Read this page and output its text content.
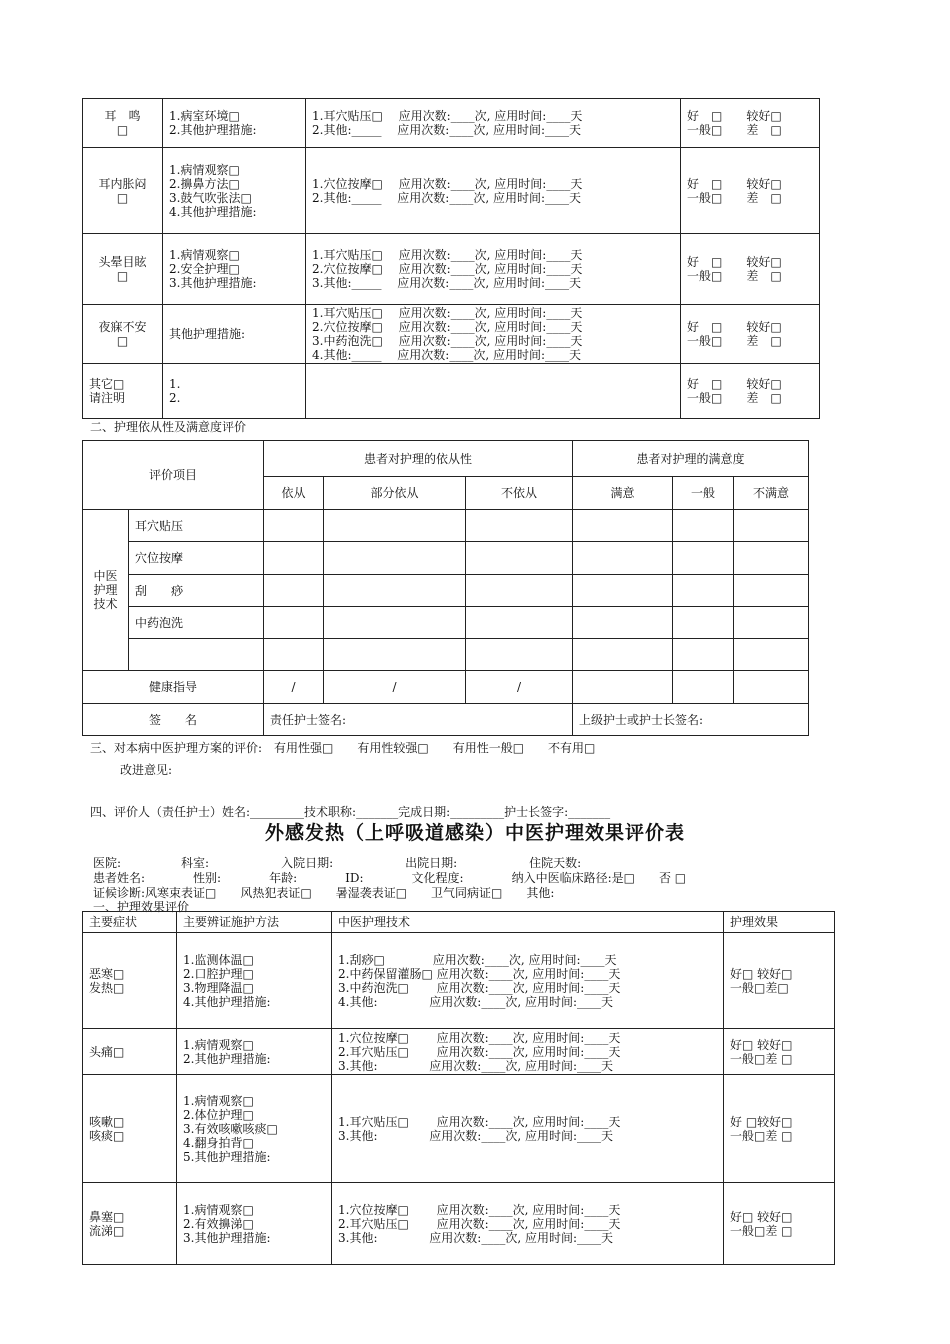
耳　鸣
□	1.病室环境□
2.其他护理措施:	1.耳穴贴压□　 应用次数:____次, 应用时间:____天
2.其他:_____　 应用次数:____次, 应用时间:____天	好　□　　较好□
一般□　　差　□
耳内胀闷
□	1.病情观察□
2.擤鼻方法□
3.鼓气吹张法□
4.其他护理措施:	1.穴位按摩□　 应用次数:____次, 应用时间:____天
2.其他:_____　 应用次数:____次, 应用时间:____天	好　□　　较好□
一般□　　差　□
头晕目眩
□	1.病情观察□
2.安全护理□
3.其他护理措施:	1.耳穴贴压□　 应用次数:____次, 应用时间:____天
2.穴位按摩□　 应用次数:____次, 应用时间:____天
3.其他:_____　 应用次数:____次, 应用时间:____天	好　□　　较好□
一般□　　差　□
夜寐不安
□	其他护理措施:	1.耳穴贴压□　 应用次数:____次, 应用时间:____天
2.穴位按摩□　 应用次数:____次, 应用时间:____天
3.中药泡洗□　 应用次数:____次, 应用时间:____天
4.其他:_____　 应用次数:____次, 应用时间:____天	好　□　　较好□
一般□　　差　□
其它□
请注明	1.
2.		好　□　　较好□
一般□　　差　□
二、护理依从性及满意度评价
评价项目		患者对护理的依从性			患者对护理的满意度		
		依从	部分依从	不依从	满意	一般	不满意
中医
护理
技术	耳穴贴压						
	穴位按摩						
	刮　　痧						
	中药泡洗						

健康指导		/	/	/			
签　　名		责任护士签名:			上级护士或护士长签名:		
三、对本病中医护理方案的评价:　有用性强□　　有用性较强□　　有用性一般□　　不有用□
改进意见:
四、评价人（责任护士）姓名:_________技术职称:_______完成日期:_________护士长签字:_______
外感发热（上呼吸道感染）中医护理效果评价表
医院:　　　　　科室:　　　　　　入院日期:　　　　　　出院日期:　　　　　　住院天数:
患者姓名:　　　　性别:　　　　年龄:　　　　ID:　　　　文化程度:　　　　纳入中医临床路径:是□　　否 □
证候诊断:风寒束表证□　　风热犯表证□　　暑湿袭表证□　　卫气同病证□　　其他:
一、护理效果评价
主要症状	主要辨证施护方法	中医护理技术	护理效果
恶寒□
发热□	1.监测体温□
2.口腔护理□
3.物理降温□
4.其他护理措施:	1.刮痧□　　　　应用次数:____次, 应用时间:____天
2.中药保留灌肠□ 应用次数:____次, 应用时间:____天
3.中药泡洗□　　 应用次数:____次, 应用时间:____天
4.其他:　　　　 应用次数:____次, 应用时间:____天	好□ 较好□
一般□差□
头痛□	1.病情观察□
2.其他护理措施:	1.穴位按摩□　　 应用次数:____次, 应用时间:____天
2.耳穴贴压□　　 应用次数:____次, 应用时间:____天
3.其他:　　　　 应用次数:____次, 应用时间:____天	好□ 较好□
一般□差 □
咳嗽□
咳痰□	1.病情观察□
2.体位护理□
3.有效咳嗽咳痰□
4.翻身拍背□
5.其他护理措施:	1.耳穴贴压□　　 应用次数:____次, 应用时间:____天
3.其他:　　　　 应用次数:____次, 应用时间:____天	好 □较好□
一般□差 □
鼻塞□
流涕□	1.病情观察□
2.有效擤涕□
3.其他护理措施:	1.穴位按摩□　　 应用次数:____次, 应用时间:____天
2.耳穴贴压□　　 应用次数:____次, 应用时间:____天
3.其他:　　　　 应用次数:____次, 应用时间:____天	好□ 较好□
一般□差 □
